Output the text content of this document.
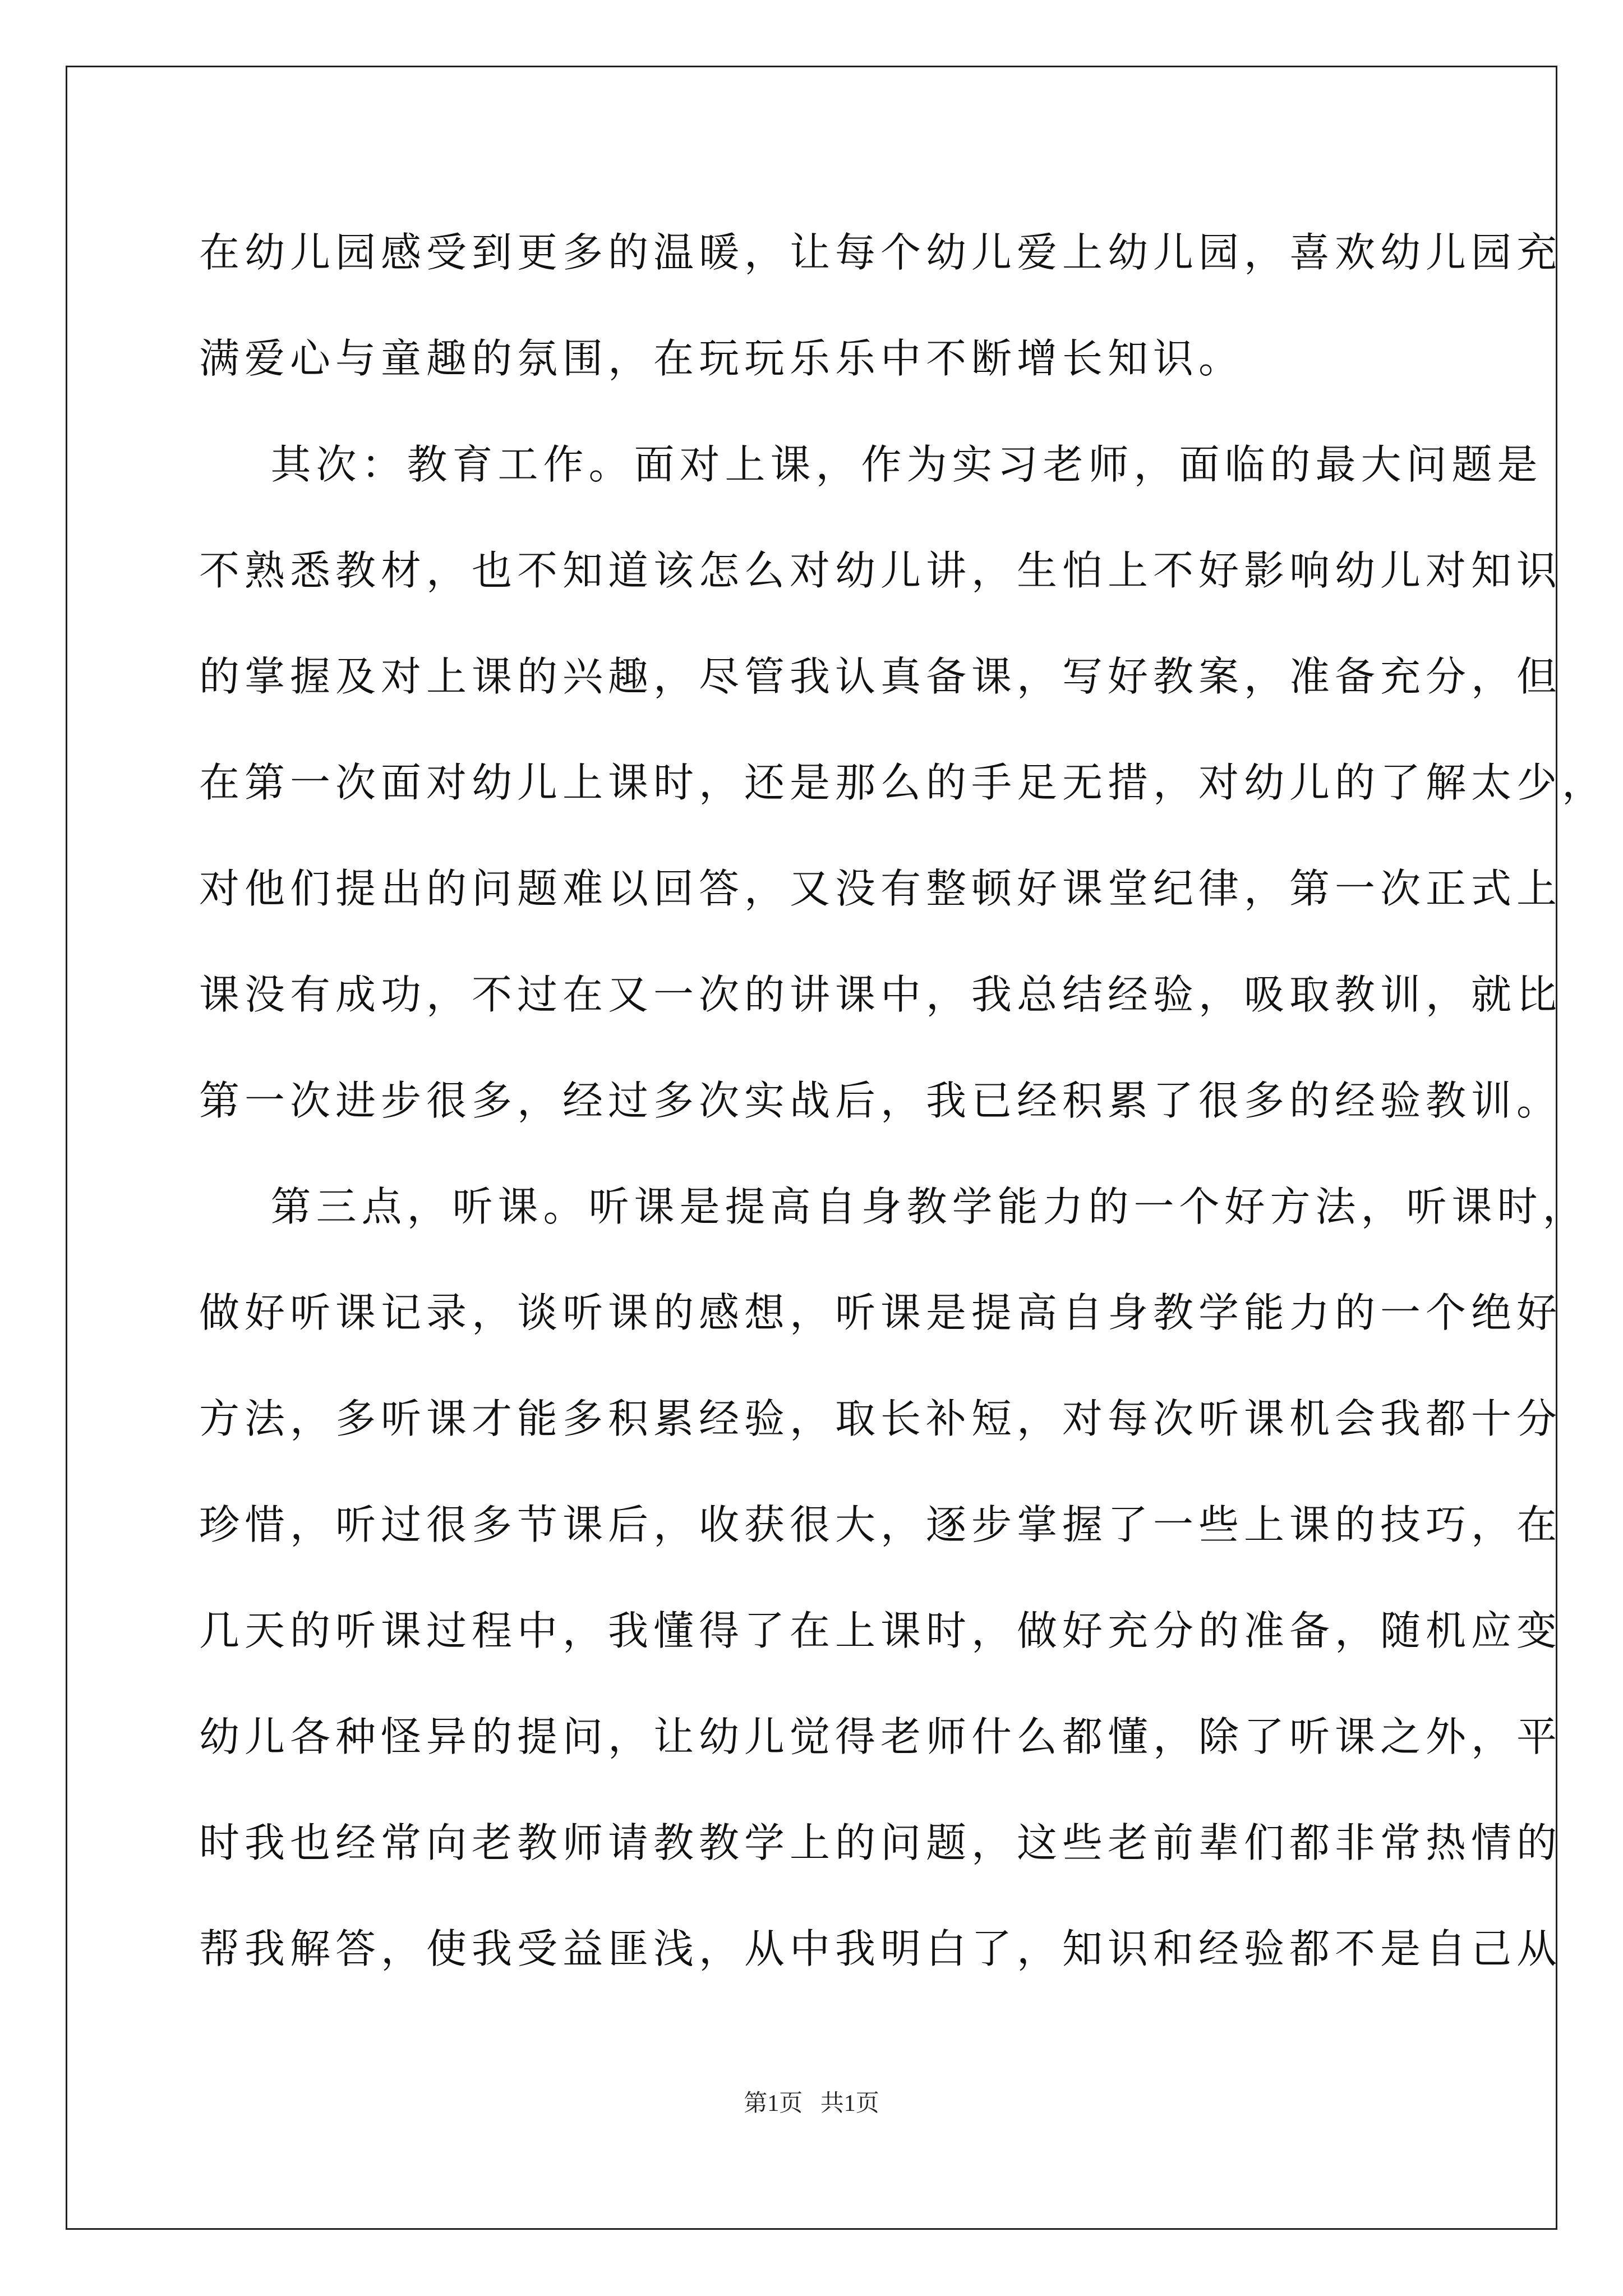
在幼儿园感受到更多的温暖，让每个幼儿爱上幼儿园，喜欢幼儿园充
满爱心与童趣的氛围，在玩玩乐乐中不断增长知识。
其次：教育工作。面对上课，作为实习老师，面临的最大问题是
不熟悉教材，也不知道该怎么对幼儿讲，生怕上不好影响幼儿对知识
的掌握及对上课的兴趣，尽管我认真备课，写好教案，准备充分，但
在第一次面对幼儿上课时，还是那么的手足无措，对幼儿的了解太少，
对他们提出的问题难以回答，又没有整顿好课堂纪律，第一次正式上
课没有成功，不过在又一次的讲课中，我总结经验，吸取教训，就比
第一次进步很多，经过多次实战后，我已经积累了很多的经验教训。
第三点，听课。听课是提高自身教学能力的一个好方法，听课时，
做好听课记录，谈听课的感想，听课是提高自身教学能力的一个绝好
方法，多听课才能多积累经验，取长补短，对每次听课机会我都十分
珍惜，听过很多节课后，收获很大，逐步掌握了一些上课的技巧，在
几天的听课过程中，我懂得了在上课时，做好充分的准备，随机应变
幼儿各种怪异的提问，让幼儿觉得老师什么都懂，除了听课之外，平
时我也经常向老教师请教教学上的问题，这些老前辈们都非常热情的
帮我解答，使我受益匪浅，从中我明白了，知识和经验都不是自己从
第1页   共1页
